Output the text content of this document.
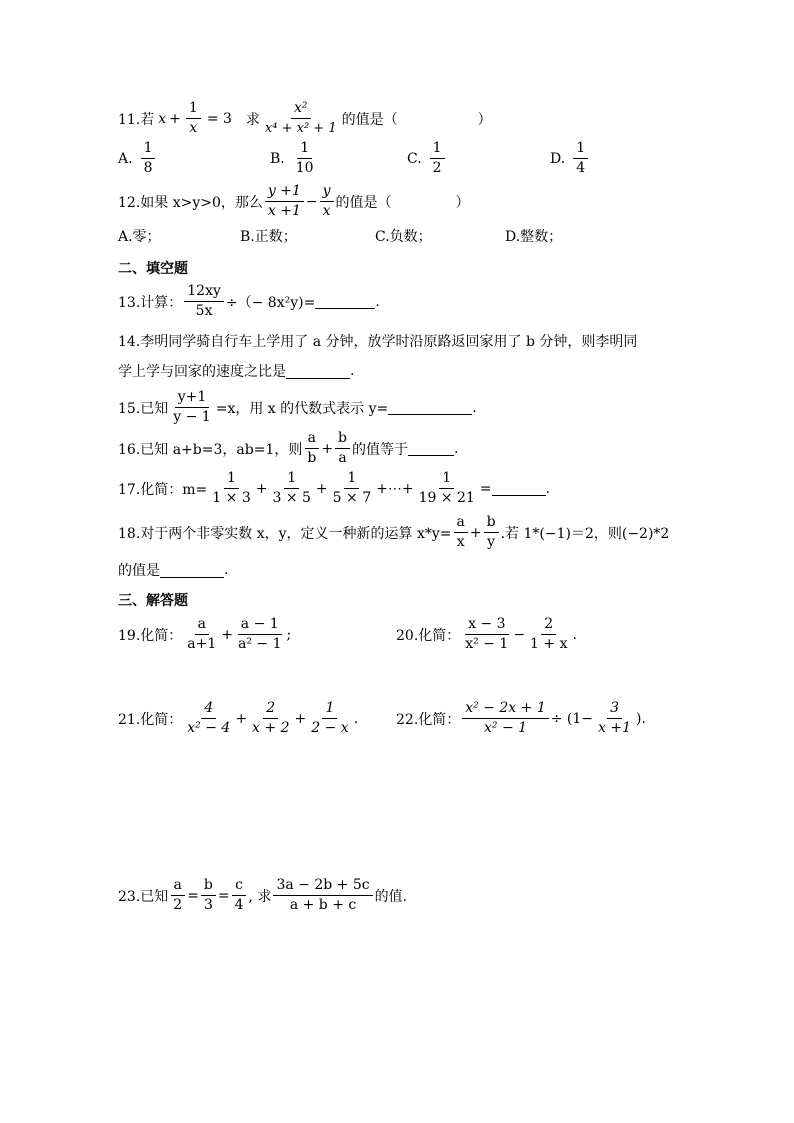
11.若 $x + \frac{1}{x} = 3$ 求 $\frac{\text{x²}}{\text{x⁴ + x² + 1}}$ 的值是（	）
A. $\frac{1}{8}$	B. $\frac{1}{10}$	C. $\frac{1}{2}$	D. $\frac{1}{4}$
12.如果 x>y>0，那么 $\frac{y +1}{x +1} - \frac{y}{x}$ 的值是（	）
A.零；	B.正数；	C.负数；	D.整数；
二、填空题
13.计算： $\frac{12xy}{5x}$ ÷（− 8x²y)=	.
14.李明同学骑自行车上学用了 a 分钟，放学时沿原路返回家用了 b 分钟，则李明同
学上学与回家的速度之比是	.
15.已知 $\frac{y+1}{y - 1} =x$，用 x 的代数式表示 y=	.
16.已知 a+b=3，ab=1，则 $\frac{a}{b} + \frac{b}{a}$ 的值等于	.
17.化简：$m= \frac{1}{1 \times 3} + \frac{1}{3 \times 5} + \frac{1}{5 \times 7}$ +⋯+ $\frac{1}{19 \times 21}$ =	.
18.对于两个非零实数 x，y，定义一种新的运算 $x*y= \frac{a}{x} + \frac{b}{y}$ .若 1*(−1)＝2，则(−2)*2
的值是	.
三、解答题
19.化简： $\frac{a}{a+1} + \frac{a - 1}{\text{a² − 1}}$ ;	20.化简： $\frac{x - 3}{\text{x² − 1}} - \frac{2}{1 + x}$ .
21.化简： $\frac{4}{\text{x² − 4}} + \frac{2}{x + 2} + \frac{1}{2 - x}$ .	22.化简： $\frac{\text{x² − 2x + 1}}{\text{x² − 1}} \div (1- \frac{3}{x +1}$ ).
23.已知 $\frac{a}{2} = \frac{b}{3} = \frac{c}{4}$ , 求 $\frac{3a - 2b + 5c}{a + b + c}$ 的值.
